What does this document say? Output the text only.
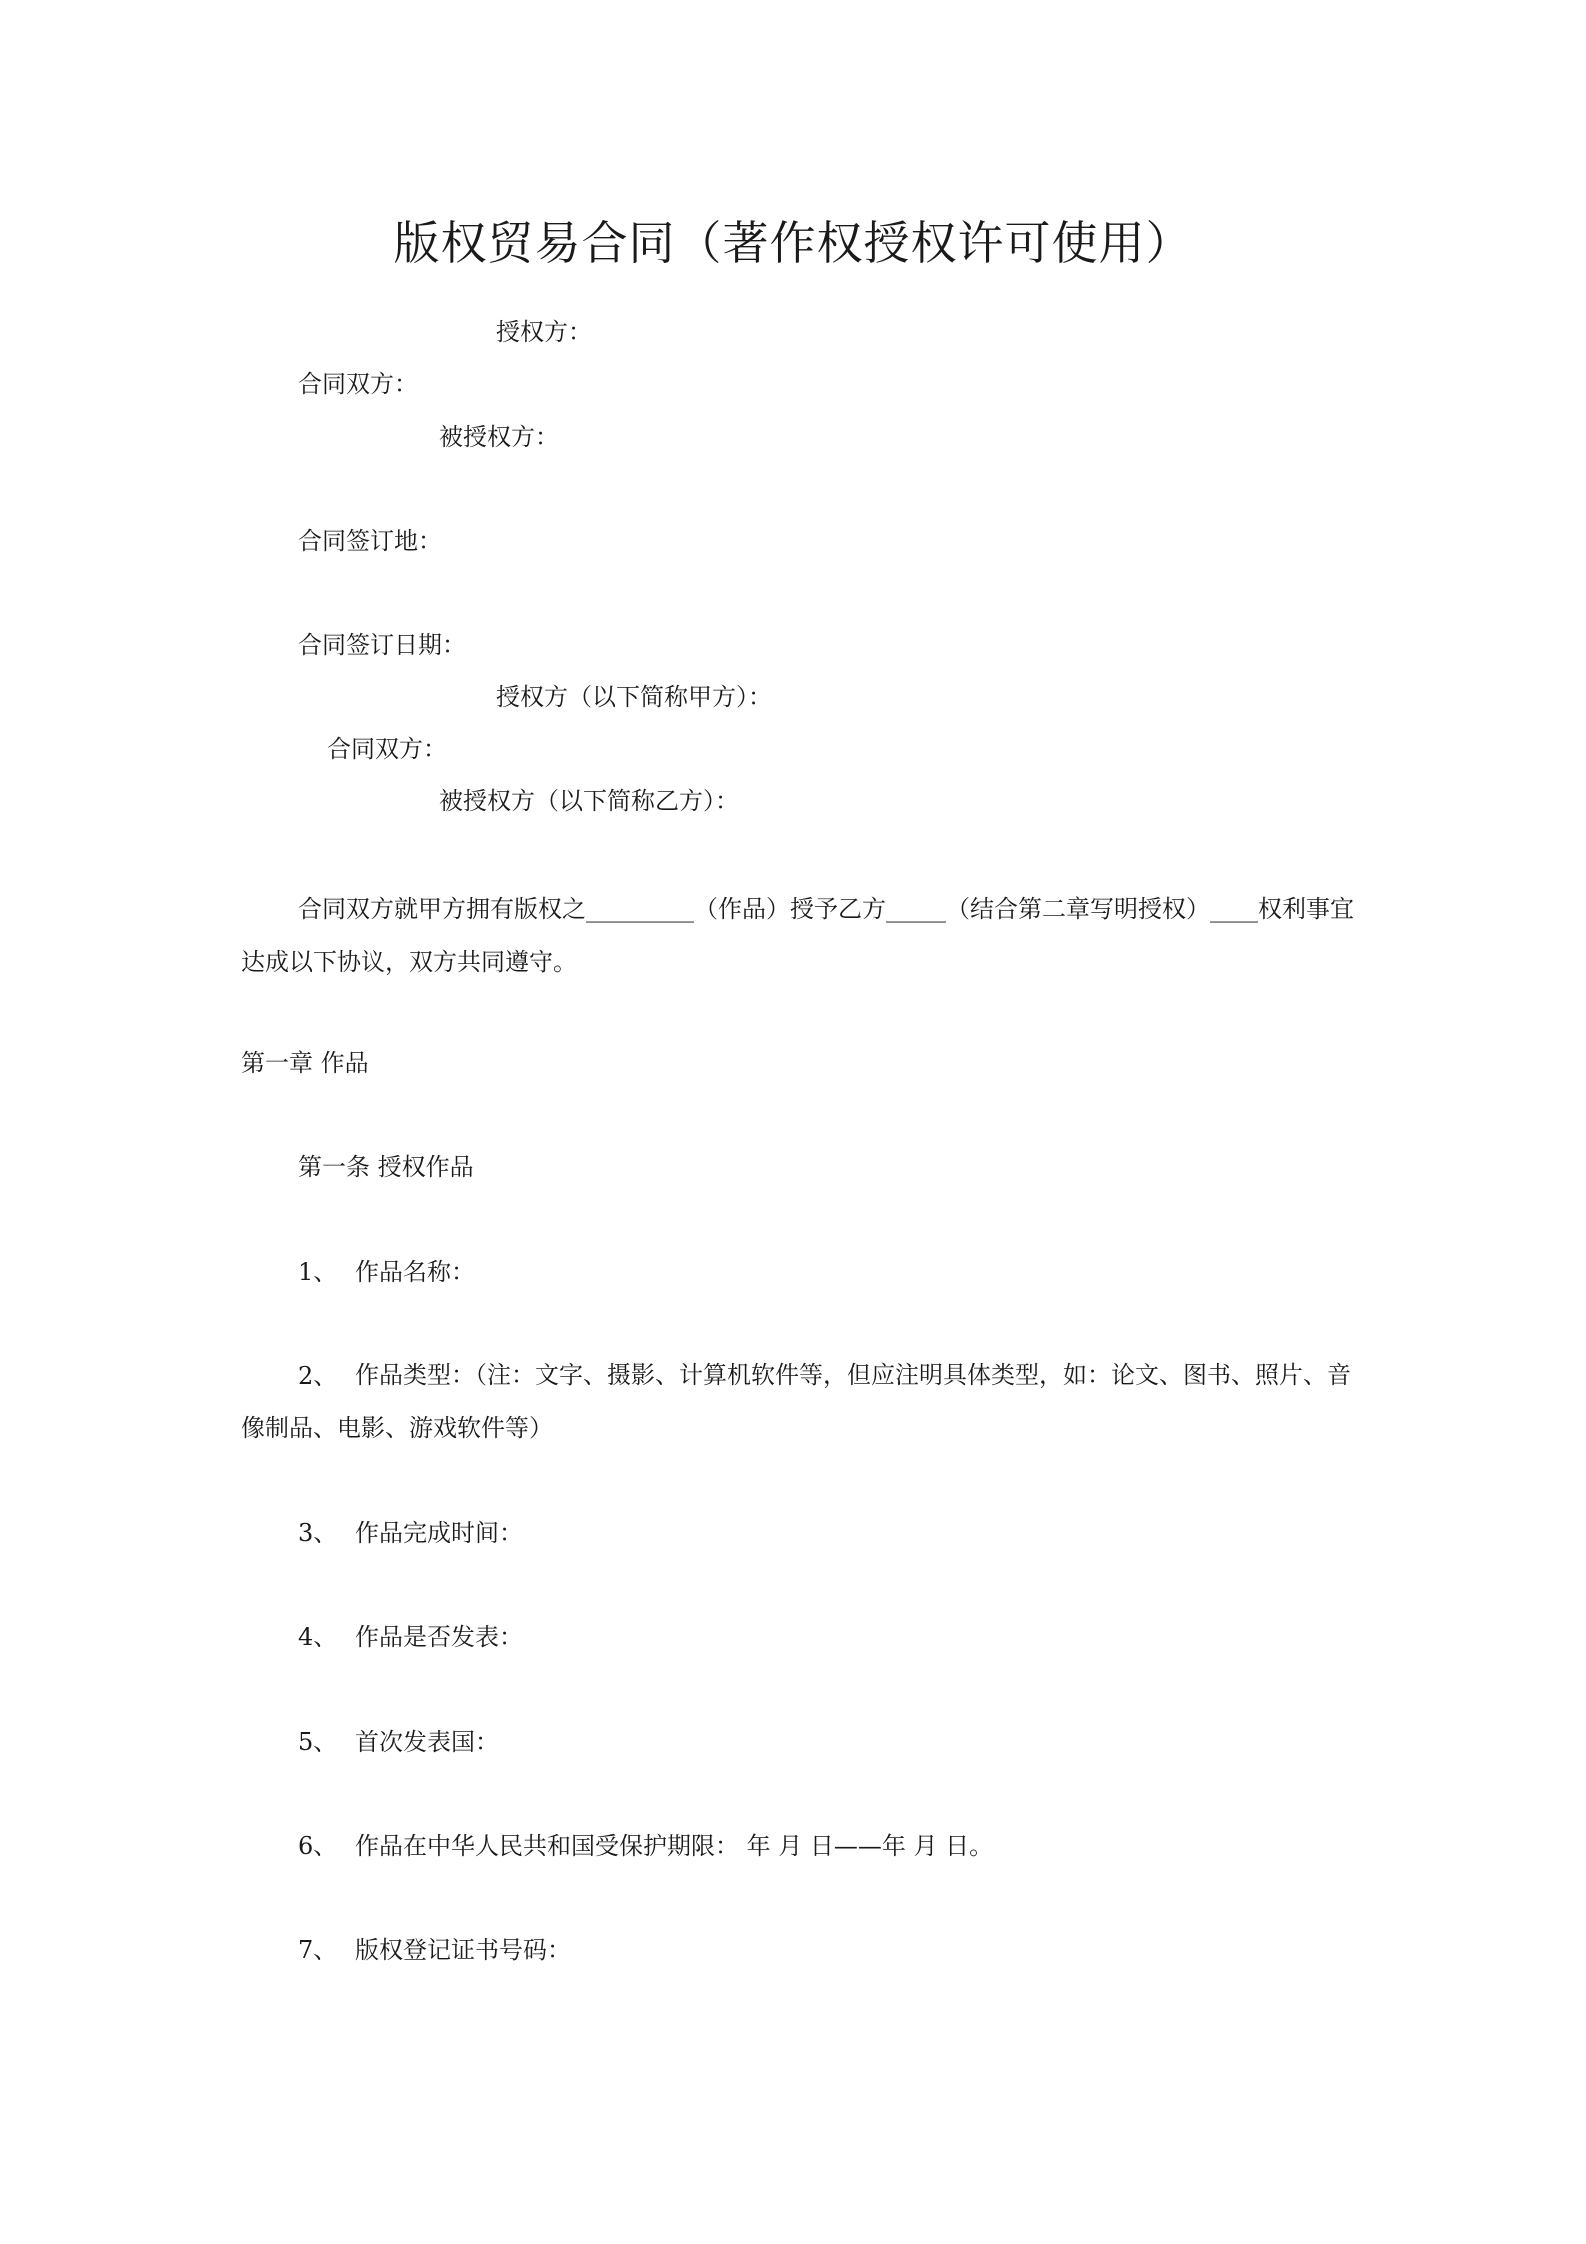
版权贸易合同（著作权授权许可使用）
授权方：
合同双方：
被授权方：
合同签订地：
合同签订日期：
授权方（以下简称甲方）：
合同双方：
被授权方（以下简称乙方）：
合同双方就甲方拥有版权之_________（作品）授予乙方_____（结合第二章写明授权）____权利事宜达成以下协议，双方共同遵守。
第一章 作品
第一条 授权作品
1、 作品名称：
2、 作品类型：（注：文字、摄影、计算机软件等，但应注明具体类型，如：论文、图书、照片、音像制品、电影、游戏软件等）
3、 作品完成时间：
4、 作品是否发表：
5、 首次发表国：
6、 作品在中华人民共和国受保护期限： 年 月 日——年 月 日。
7、 版权登记证书号码：
